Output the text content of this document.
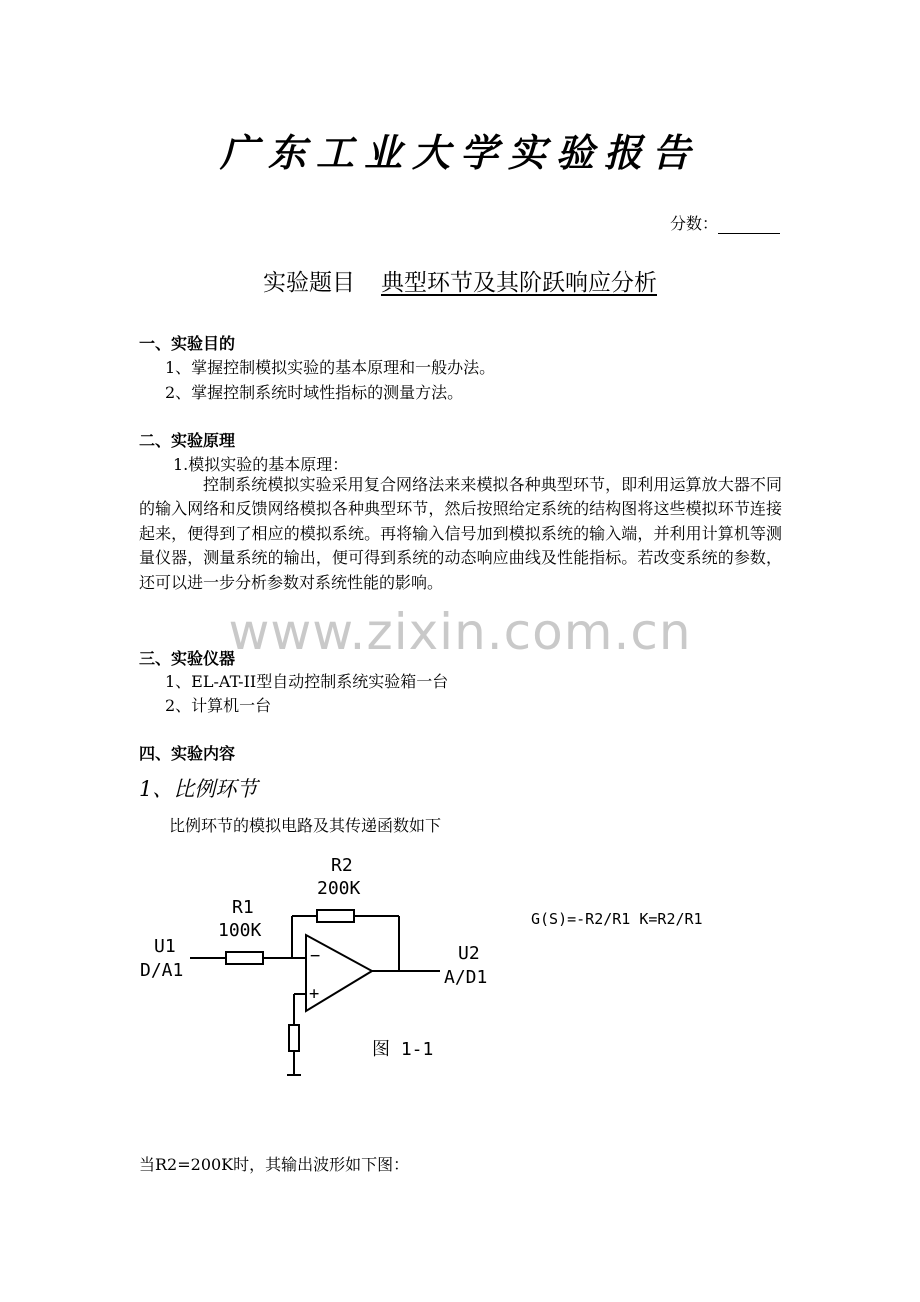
广东工业大学实验报告
分数：
实验题目 典型环节及其阶跃响应分析
www.zixin.com.cn
一、实验目的
1、掌握控制模拟实验的基本原理和一般办法。
2、掌握控制系统时域性指标的测量方法。
二、实验原理
1.模拟实验的基本原理：
控制系统模拟实验采用复合网络法来来模拟各种典型环节，即利用运算放大器不同的输入网络和反馈网络模拟各种典型环节，然后按照给定系统的结构图将这些模拟环节连接起来，便得到了相应的模拟系统。再将输入信号加到模拟系统的输入端，并利用计算机等测量仪器，测量系统的输出，便可得到系统的动态响应曲线及性能指标。若改变系统的参数，还可以进一步分析参数对系统性能的影响。
三、实验仪器
1、EL-AT-II型自动控制系统实验箱一台
2、计算机一台
四、实验内容
1、比例环节
比例环节的模拟电路及其传递函数如下
R2
200K
R1
100K
U1
D/A1
U2
A/D1
−
+
图 1-1
G(S)=-R2/R1 K=R2/R1
当R2=200K时，其输出波形如下图：
